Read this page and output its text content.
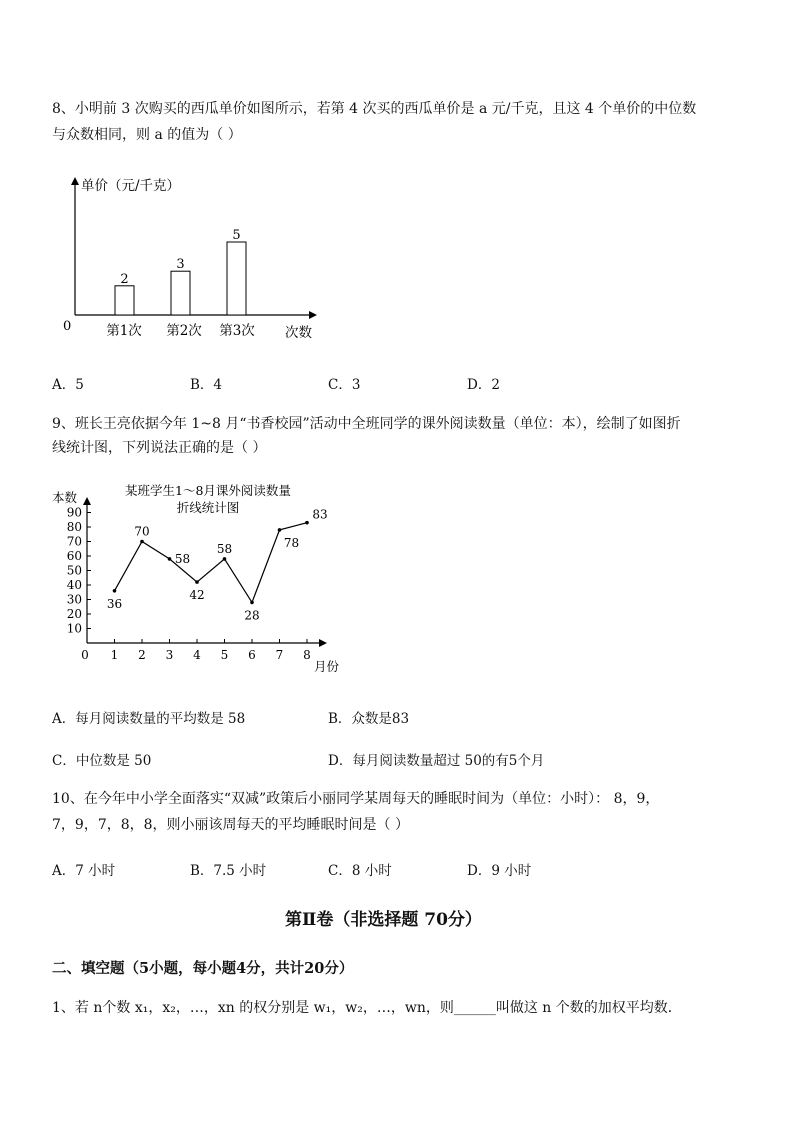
8、小明前 3 次购买的西瓜单价如图所示，若第 4 次买的西瓜单价是 a 元/千克，且这 4 个单价的中位数
与众数相同，则 a 的值为（ ）
单价（元/千克）
0	次数
2
3
5
第1次 第2次 第3次
A．5	B．4	C．3	D．2
9、班长王亮依据今年 1~8 月“书香校园”活动中全班同学的课外阅读数量（单位：本），绘制了如图折
线统计图，下列说法正确的是（ ）
某班学生1～8月课外阅读数量
折线统计图
本数
10
20
30
40
50
60
70
80
90
0 1 2 3 4 5 6 7 8
36
70
58
42
58
28
78
83
月份
A．每月阅读数量的平均数是 58	B．众数是83
C．中位数是 50	D．每月阅读数量超过 50的有5个月
10、在今年中小学全面落实“双减”政策后小丽同学某周每天的睡眠时间为（单位：小时）： 8，9，
7，9，7，8，8，则小丽该周每天的平均睡眠时间是（ ）
A．7 小时	B．7.5 小时	C．8 小时	D．9 小时
第Ⅱ卷（非选择题 70分）
二、填空题（5小题，每小题4分，共计20分）
1、若 n个数 x₁，x₂，…，xn 的权分别是 w₁，w₂，…，wn，则______叫做这 n 个数的加权平均数．
